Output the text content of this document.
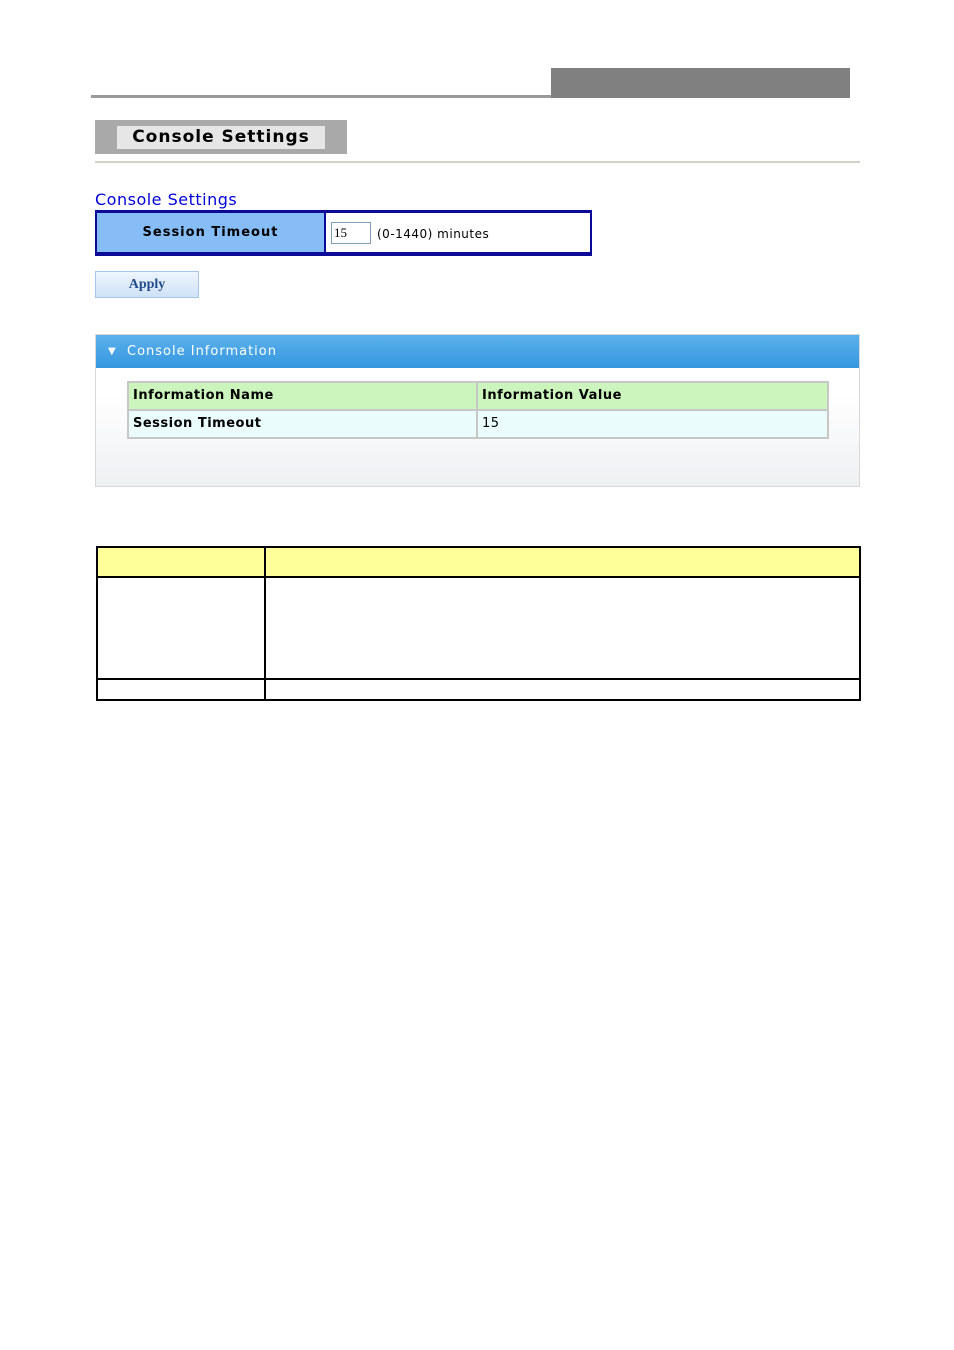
Console Settings
Console Settings
Session Timeout	15	(0-1440) minutes
Apply
▼ Console Information
Information Name	Information Value
Session Timeout	15
